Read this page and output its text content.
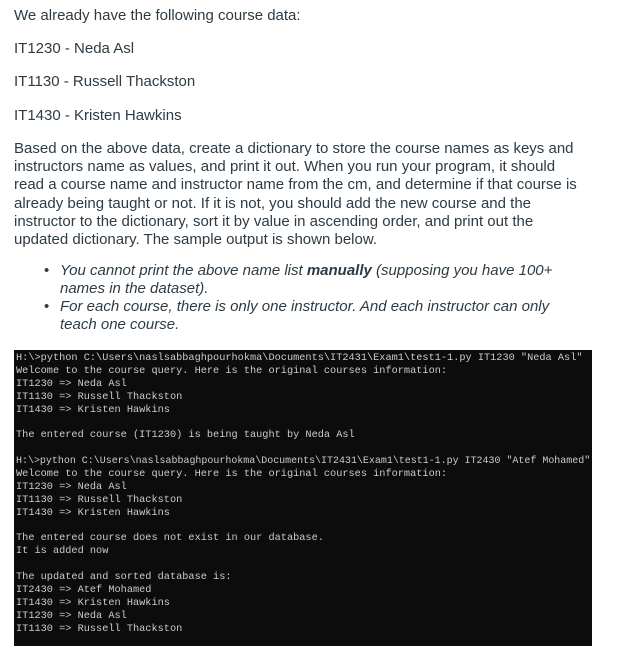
We already have the following course data:

IT1230 - Neda Asl

IT1130 - Russell Thackston

IT1430 - Kristen Hawkins

Based on the above data, create a dictionary to store the course names as keys and
instructors name as values, and print it out. When you run your program, it should
read a course name and instructor name from the cm, and determine if that course is
already being taught or not. If it is not, you should add the new course and the
instructor to the dictionary, sort it by value in ascending order, and print out the
updated dictionary. The sample output is shown below.
• You cannot print the above name list manually (supposing you have 100+
names in the dataset).
• For each course, there is only one instructor. And each instructor can only
teach one course.
H:\>python C:\Users\naslsabbaghpourhokma\Documents\IT2431\Exam1\test1-1.py IT1230 "Neda Asl"
Welcome to the course query. Here is the original courses information:
IT1230 => Neda Asl
IT1130 => Russell Thackston
IT1430 => Kristen Hawkins
The entered course (IT1230) is being taught by Neda Asl
H:\>python C:\Users\naslsabbaghpourhokma\Documents\IT2431\Exam1\test1-1.py IT2430 "Atef Mohamed"
Welcome to the course query. Here is the original courses information:
IT1230 => Neda Asl
IT1130 => Russell Thackston
IT1430 => Kristen Hawkins
The entered course does not exist in our database.
It is added now
The updated and sorted database is:
IT2430 => Atef Mohamed
IT1430 => Kristen Hawkins
IT1230 => Neda Asl
IT1130 => Russell Thackston
